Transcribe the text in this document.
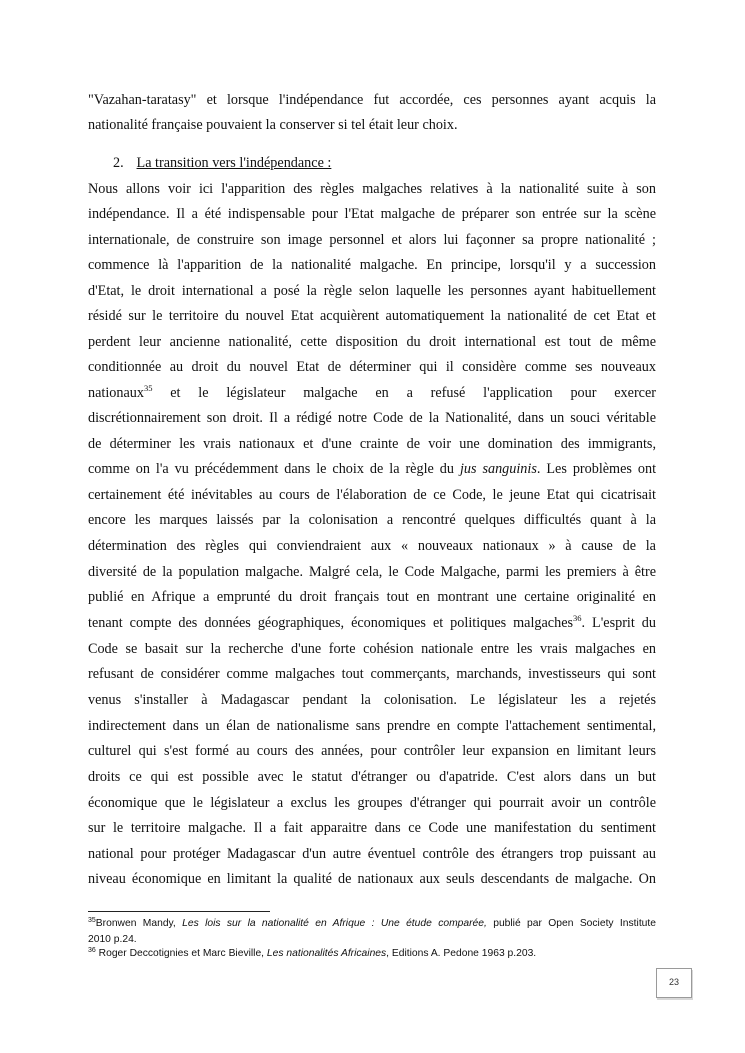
"Vazahan-taratasy" et lorsque l'indépendance fut accordée, ces personnes ayant acquis la
nationalité française pouvaient la conserver si tel était leur choix.
2. La transition vers l'indépendance :
Nous allons voir ici l'apparition des règles malgaches relatives à la nationalité suite à son
indépendance. Il a été indispensable pour l'Etat malgache de préparer son entrée sur la scène
internationale, de construire son image personnel et alors lui façonner sa propre nationalité ;
commence là l'apparition de la nationalité malgache. En principe, lorsqu'il y a succession
d'Etat, le droit international a posé la règle selon laquelle les personnes ayant habituellement
résidé sur le territoire du nouvel Etat acquièrent automatiquement la nationalité de cet Etat et
perdent leur ancienne nationalité, cette disposition du droit international est tout de même
conditionnée au droit du nouvel Etat de déterminer qui il considère comme ses nouveaux
nationaux$^{35}$ et le législateur malgache en a refusé l'application pour exercer
discrétionnairement son droit. Il a rédigé notre Code de la Nationalité, dans un souci véritable
de déterminer les vrais nationaux et d'une crainte de voir une domination des immigrants,
comme on l'a vu précédemment dans le choix de la règle du jus sanguinis. Les problèmes ont
certainement été inévitables au cours de l'élaboration de ce Code, le jeune Etat qui cicatrisait
encore les marques laissés par la colonisation a rencontré quelques difficultés quant à la
détermination des règles qui conviendraient aux « nouveaux nationaux » à cause de la
diversité de la population malgache. Malgré cela, le Code Malgache, parmi les premiers à être
publié en Afrique a emprunté du droit français tout en montrant une certaine originalité en
tenant compte des données géographiques, économiques et politiques malgaches$^{36}$. L'esprit du
Code se basait sur la recherche d'une forte cohésion nationale entre les vrais malgaches en
refusant de considérer comme malgaches tout commerçants, marchands, investisseurs qui sont
venus s'installer à Madagascar pendant la colonisation. Le législateur les a rejetés
indirectement dans un élan de nationalisme sans prendre en compte l'attachement sentimental,
culturel qui s'est formé au cours des années, pour contrôler leur expansion en limitant leurs
droits ce qui est possible avec le statut d'étranger ou d'apatride. C'est alors dans un but
économique que le législateur a exclus les groupes d'étranger qui pourrait avoir un contrôle
sur le territoire malgache. Il a fait apparaitre dans ce Code une manifestation du sentiment
national pour protéger Madagascar d'un autre éventuel contrôle des étrangers trop puissant au
niveau économique en limitant la qualité de nationaux aux seuls descendants de malgache. On
$^{35}$Bronwen Mandy, Les lois sur la nationalité en Afrique : Une étude comparée, publié par Open Society Institute
2010 p.24.
$^{36}$ Roger Deccotignies et Marc Bieville, Les nationalités Africaines, Editions A. Pedone 1963 p.203.
23
